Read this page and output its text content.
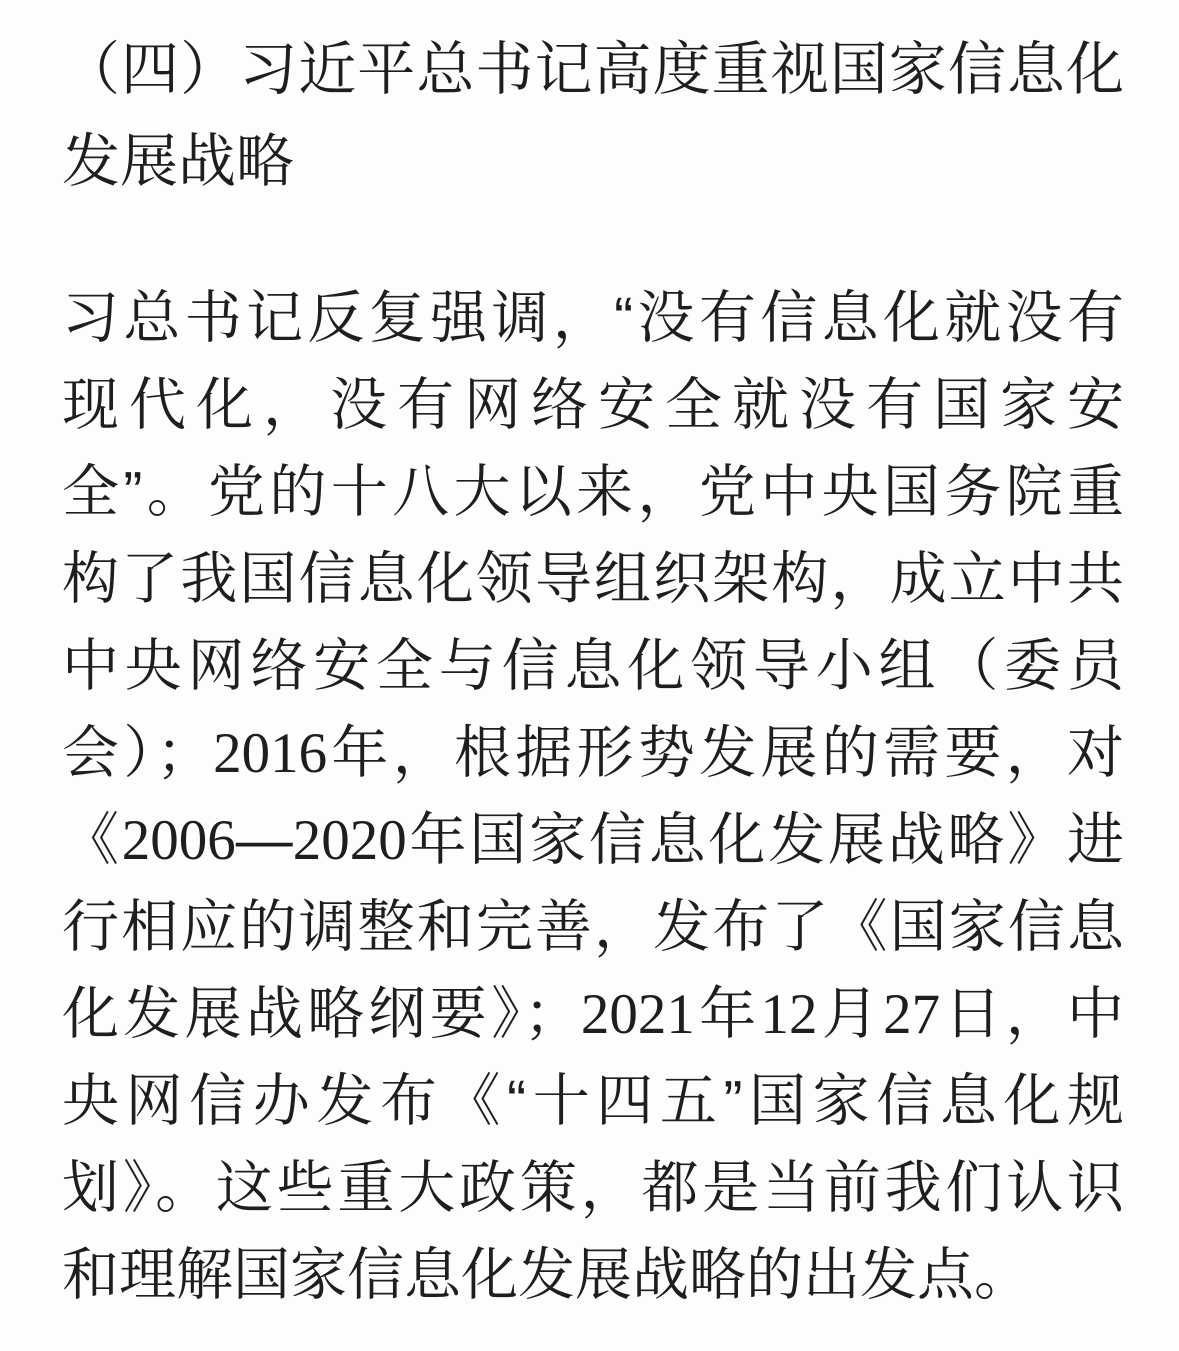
（四）习近平总书记高度重视国家信息化
发展战略
习总书记反复强调，“没有信息化就没有
现代化，没有网络安全就没有国家安
全”。党的十八大以来，党中央国务院重
构了我国信息化领导组织架构，成立中共
中央网络安全与信息化领导小组（委员
会）；2016年，根据形势发展的需要，对
《2006—2020年国家信息化发展战略》进
行相应的调整和完善，发布了《国家信息
化发展战略纲要》；2021年12月27日，中
央网信办发布《“十四五”国家信息化规
划》。这些重大政策，都是当前我们认识
和理解国家信息化发展战略的出发点。
